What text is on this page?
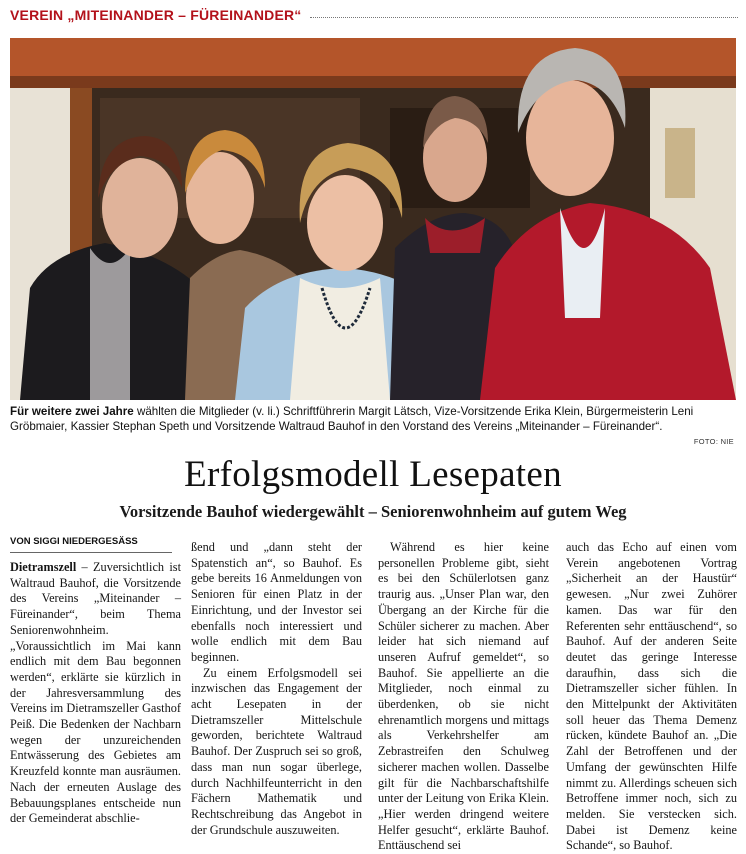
VEREIN „MITEINANDER – FÜREINANDER“
Für weitere zwei Jahre wählten die Mitglieder (v. li.) Schriftführerin Margit Lätsch, Vize-Vorsitzende Erika Klein, Bürgermeisterin Leni Gröbmaier, Kassier Stephan Speth und Vorsitzende Waltraud Bauhof in den Vorstand des Vereins „Miteinander – Füreinander“.
FOTO: NIE
Erfolgsmodell Lesepaten
Vorsitzende Bauhof wiedergewählt – Seniorenwohnheim auf gutem Weg
VON SIGGI NIEDERGESÄSS

Dietramszell – Zuversichtlich ist Waltraud Bauhof, die Vorsitzende des Vereins „Miteinander – Füreinander“, beim Thema Seniorenwohnheim. „Voraussichtlich im Mai kann endlich mit dem Bau begonnen werden“, erklärte sie kürzlich in der Jahresversammlung des Vereins im Dietramszeller Gasthof Peiß. Die Bedenken der Nachbarn wegen der unzureichenden Entwässerung des Gebietes am Kreuzfeld konnte man ausräumen. Nach der erneuten Auslage des Bebauungsplanes entscheide nun der Gemeinderat abschlie-

ßend und „dann steht der Spatenstich an“, so Bauhof. Es gebe bereits 16 Anmeldungen von Senioren für einen Platz in der Einrichtung, und der Investor sei ebenfalls noch interessiert und wolle endlich mit dem Bau beginnen.

Zu einem Erfolgsmodell sei inzwischen das Engagement der acht Lesepaten in der Dietramszeller Mittelschule geworden, berichtete Waltraud Bauhof. Der Zuspruch sei so groß, dass man nun sogar überlege, durch Nachhilfeunterricht in den Fächern Mathematik und Rechtschreibung das Angebot in der Grundschule auszuweiten.

Während es hier keine personellen Probleme gibt, sieht es bei den Schülerlotsen ganz traurig aus. „Unser Plan war, den Übergang an der Kirche für die Schüler sicherer zu machen. Aber leider hat sich niemand auf unseren Aufruf gemeldet“, so Bauhof. Sie appellierte an die Mitglieder, noch einmal zu überdenken, ob sie nicht ehrenamtlich morgens und mittags als Verkehrshelfer am Zebrastreifen den Schulweg sicherer machen wollen. Dasselbe gilt für die Nachbarschaftshilfe unter der Leitung von Erika Klein. „Hier werden dringend weitere Helfer gesucht“, erklärte Bauhof. Enttäuschend sei

auch das Echo auf einen vom Verein angebotenen Vortrag „Sicherheit an der Haustür“ gewesen. „Nur zwei Zuhörer kamen. Das war für den Referenten sehr enttäuschend“, so Bauhof. Auf der anderen Seite deutet das geringe Interesse daraufhin, dass sich die Dietramszeller sicher fühlen. In den Mittelpunkt der Aktivitäten soll heuer das Thema Demenz rücken, kündete Bauhof an. „Die Zahl der Betroffenen und der Umfang der gewünschten Hilfe nimmt zu. Allerdings scheuen sich Betroffene immer noch, sich zu melden. Sie verstecken sich. Dabei ist Demenz keine Schande“, so Bauhof.
